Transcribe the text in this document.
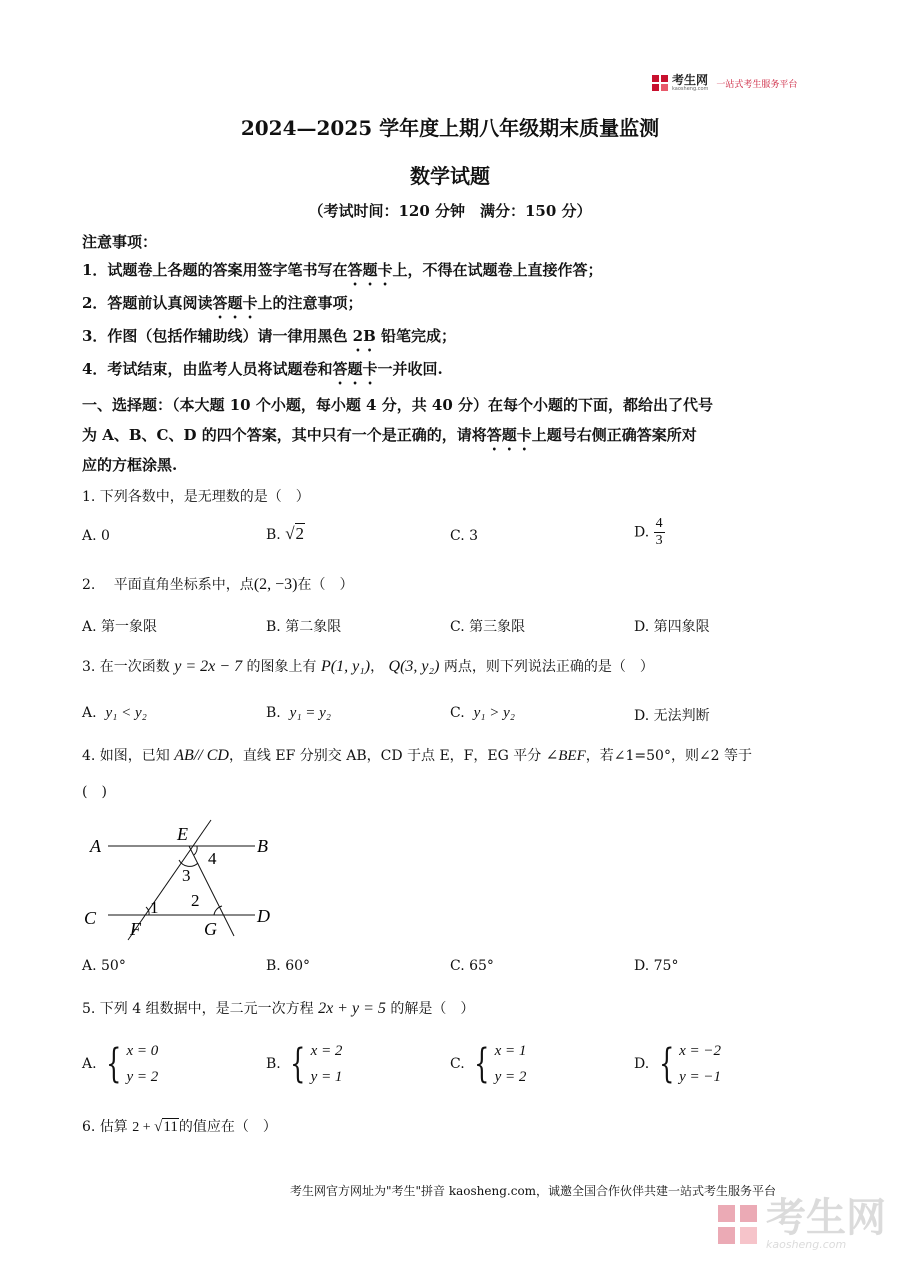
考生网
kaosheng.com 一站式考生服务平台
2024—2025 学年度上期八年级期末质量监测
数学试题
（考试时间：120 分钟　满分：150 分）
注意事项：
1．试题卷上各题的答案用签字笔书写在答题卡上，不得在试题卷上直接作答；
2．答题前认真阅读答题卡上的注意事项；
3．作图（包括作辅助线）请一律用黑色 2B 铅笔完成；
4．考试结束，由监考人员将试题卷和答题卡一并收回.
一、选择题：（本大题 10 个小题，每小题 4 分，共 40 分）在每个小题的下面，都给出了代号
为 A、B、C、D 的四个答案，其中只有一个是正确的，请将答题卡上题号右侧正确答案所对
应的方框涂黑.
1. 下列各数中，是无理数的是（　）
A. 0	B. √2	C. 3	D. $\frac{4}{3}$
2.　 平面直角坐标系中，点(2, −3)在（　）
A. 第一象限	B. 第二象限	C. 第三象限	D. 第四象限
3. 在一次函数 y = 2x − 7 的图象上有 P(1, y₁)， Q(3, y₂) 两点，则下列说法正确的是（　）
A. y₁ < y₂	B. y₁ = y₂	C. y₁ > y₂	D. 无法判断
4. 如图，已知 AB// CD，直线 EF 分别交 AB，CD 于点 E，F，EG 平分 ∠BEF，若∠1=50°，则∠2 等于
(　)
A	B
C	D
E
F	G
1 2
3
4
A. 50°	B. 60°	C. 65°	D. 75°
5. 下列 4 组数据中，是二元一次方程 2x + y = 5 的解是（　）
A. { x = 0
y = 2
B. { x = 2
y = 1
C. { x = 1
y = 2
D. { x = −2
y = −1
6. 估算 2 + √11的值应在（　）
考生网官方网址为"考生"拼音 kaosheng.com，诚邀全国合作伙伴共建一站式考生服务平台
考生网
kaosheng.com
